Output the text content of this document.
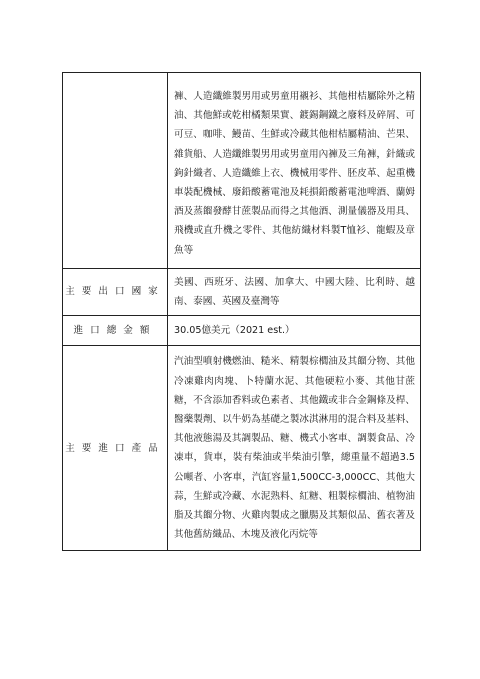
	褲、人造纖維製男用或男童用襯衫、其他柑桔屬除外之精油、其他鮮或乾柑橘類果實、鍍錫鋼鐵之廢料及碎屑、可可豆、咖啡、鰻苗、生鮮或冷藏其他柑桔屬精油、芒果、雜貨船、人造纖維製男用或男童用內褲及三角褲，針織或鉤針織者、人造纖維上衣、機械用零件、胚皮革、起重機車裝配機械、廢鉛酸蓄電池及耗損鉛酸蓄電池啤酒、蘭姆酒及蒸餾發酵甘蔗製品而得之其他酒、測量儀器及用具、飛機或直升機之零件、其他紡織材料製T恤衫、龍蝦及章魚等
主要出口國家	美國、西班牙、法國、加拿大、中國大陸、比利時、越南、泰國、英國及臺灣等
進口總金額	30.05億美元（2021 est.）
主要進口產品	汽油型噴射機燃油、糙米、精製棕櫚油及其餾分物、其他冷凍雞肉肉塊、卜特蘭水泥、其他硬粒小麥、其他甘蔗糖，不含添加香料或色素者、其他鐵或非合金鋼條及桿、醫藥製劑、以牛奶為基礎之製冰淇淋用的混合料及基料、其他液態湯及其調製品、糖、機式小客車、調製食品、冷凍車，貨車，裝有柴油或半柴油引擎，總重量不超過3.5公噸者、小客車，汽缸容量1,500CC-3,000CC、其他大蒜，生鮮或冷藏、水泥熟料、紅糖、粗製棕櫚油、植物油脂及其餾分物、火雞肉製成之臘腸及其類似品、舊衣著及其他舊紡織品、木塊及液化丙烷等
